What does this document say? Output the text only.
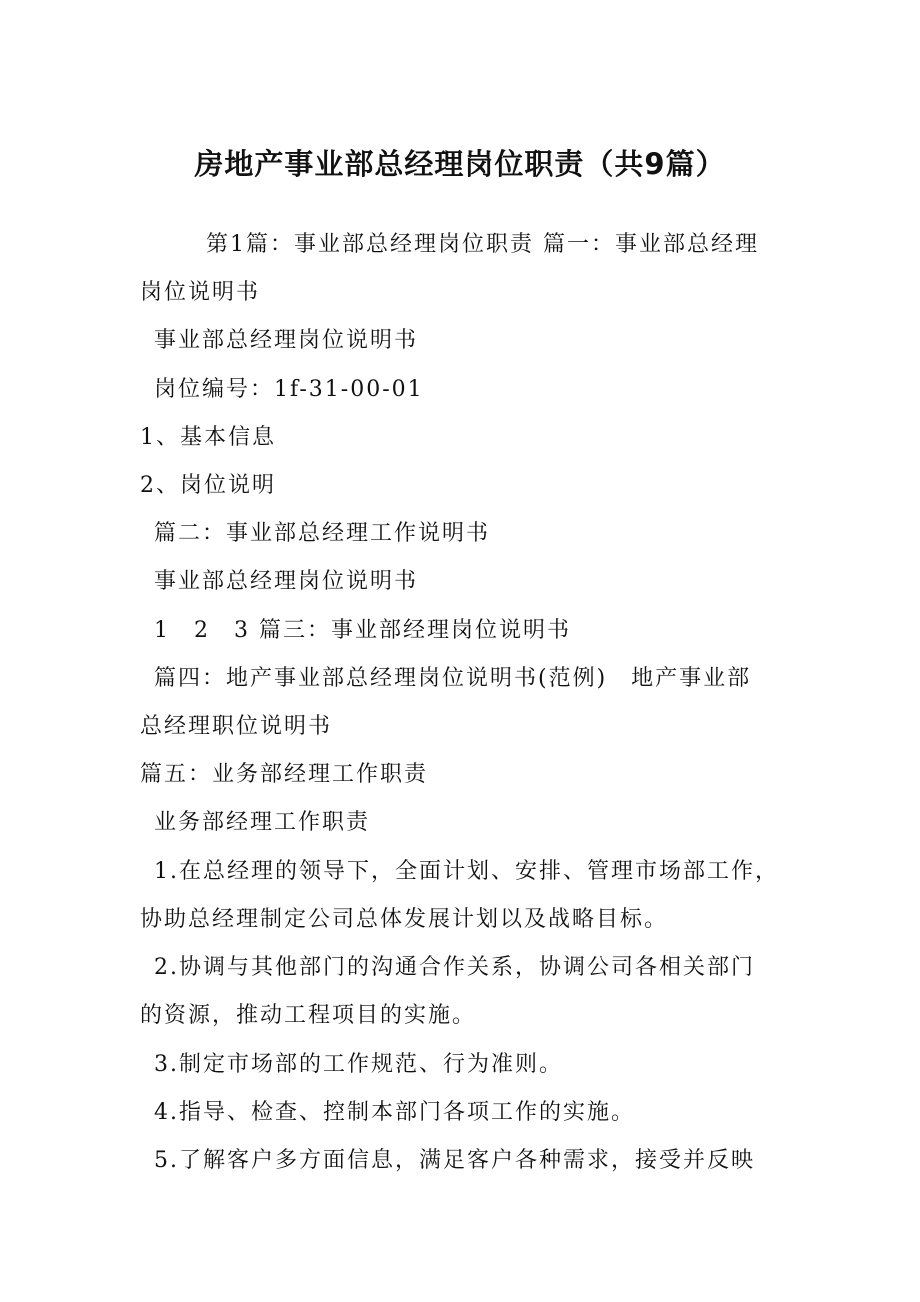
房地产事业部总经理岗位职责（共9篇）
第1篇：事业部总经理岗位职责 篇一：事业部总经理
岗位说明书
事业部总经理岗位说明书
岗位编号：1f-31-00-01
1、基本信息
2、岗位说明
篇二：事业部总经理工作说明书
事业部总经理岗位说明书
1　2　3 篇三：事业部经理岗位说明书
篇四：地产事业部总经理岗位说明书(范例)　地产事业部
总经理职位说明书
篇五：业务部经理工作职责
业务部经理工作职责
1.在总经理的领导下，全面计划、安排、管理市场部工作，
协助总经理制定公司总体发展计划以及战略目标。
2.协调与其他部门的沟通合作关系，协调公司各相关部门
的资源，推动工程项目的实施。
3.制定市场部的工作规范、行为准则。
4.指导、检查、控制本部门各项工作的实施。
5.了解客户多方面信息，满足客户各种需求，接受并反映
